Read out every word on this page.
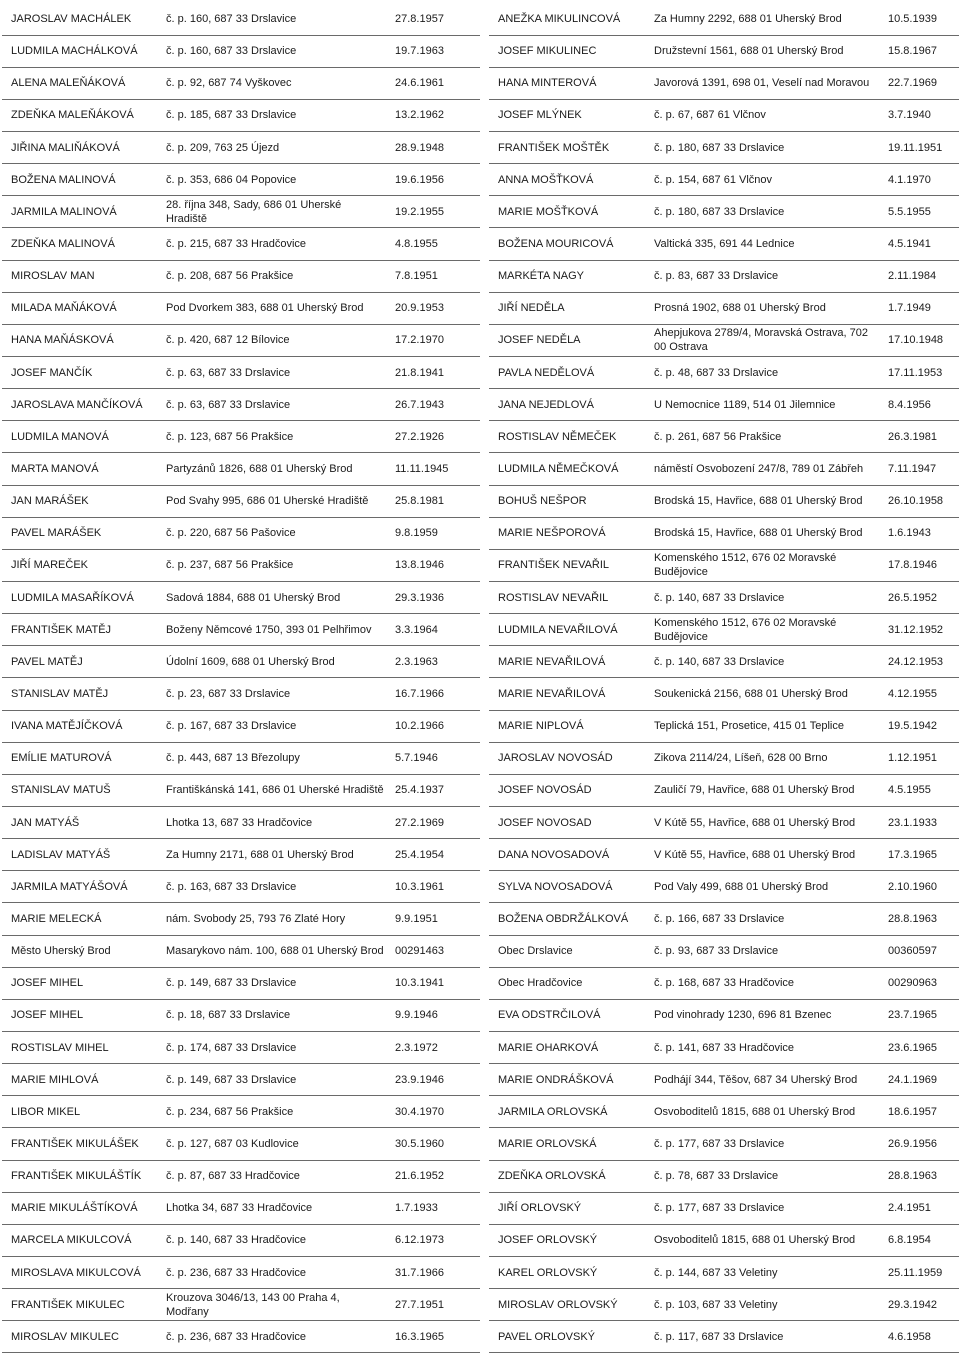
JAROSLAV MACHÁLEK	č. p. 160, 687 33 Drslavice	27.8.1957
LUDMILA MACHÁLKOVÁ	č. p. 160, 687 33 Drslavice	19.7.1963
ALENA MALEŇÁKOVÁ	č. p. 92, 687 74 Vyškovec	24.6.1961
ZDEŇKA MALEŇÁKOVÁ	č. p. 185, 687 33 Drslavice	13.2.1962
JIŘINA MALIŇÁKOVÁ	č. p. 209, 763 25 Újezd	28.9.1948
BOŽENA MALINOVÁ	č. p. 353, 686 04 Popovice	19.6.1956
JARMILA MALINOVÁ	28. října 348, Sady, 686 01 Uherské Hradiště	19.2.1955
ZDEŇKA MALINOVÁ	č. p. 215, 687 33 Hradčovice	4.8.1955
MIROSLAV MAN	č. p. 208, 687 56 Prakšice	7.8.1951
MILADA MAŇÁKOVÁ	Pod Dvorkem 383, 688 01 Uherský Brod	20.9.1953
HANA MAŇÁSKOVÁ	č. p. 420, 687 12 Bílovice	17.2.1970
JOSEF MANČÍK	č. p. 63, 687 33 Drslavice	21.8.1941
JAROSLAVA MANČÍKOVÁ	č. p. 63, 687 33 Drslavice	26.7.1943
LUDMILA MANOVÁ	č. p. 123, 687 56 Prakšice	27.2.1926
MARTA MANOVÁ	Partyzánů 1826, 688 01 Uherský Brod	11.11.1945
JAN MARÁŠEK	Pod Svahy 995, 686 01 Uherské Hradiště	25.8.1981
PAVEL MARÁŠEK	č. p. 220, 687 56 Pašovice	9.8.1959
JIŘÍ MAREČEK	č. p. 237, 687 56 Prakšice	13.8.1946
LUDMILA MASAŘÍKOVÁ	Sadová 1884, 688 01 Uherský Brod	29.3.1936
FRANTIŠEK MATĚJ	Boženy Němcové 1750, 393 01 Pelhřimov	3.3.1964
PAVEL MATĚJ	Údolní 1609, 688 01 Uherský Brod	2.3.1963
STANISLAV MATĚJ	č. p. 23, 687 33 Drslavice	16.7.1966
IVANA MATĚJÍČKOVÁ	č. p. 167, 687 33 Drslavice	10.2.1966
EMÍLIE MATUROVÁ	č. p. 443, 687 13 Březolupy	5.7.1946
STANISLAV MATUŠ	Františkánská 141, 686 01 Uherské Hradiště	25.4.1937
JAN MATYÁŠ	Lhotka 13, 687 33 Hradčovice	27.2.1969
LADISLAV MATYÁŠ	Za Humny 2171, 688 01 Uherský Brod	25.4.1954
JARMILA MATYÁŠOVÁ	č. p. 163, 687 33 Drslavice	10.3.1961
MARIE MELECKÁ	nám. Svobody 25, 793 76 Zlaté Hory	9.9.1951
Město Uherský Brod	Masarykovo nám. 100, 688 01 Uherský Brod	00291463
JOSEF MIHEL	č. p. 149, 687 33 Drslavice	10.3.1941
JOSEF MIHEL	č. p. 18, 687 33 Drslavice	9.9.1946
ROSTISLAV MIHEL	č. p. 174, 687 33 Drslavice	2.3.1972
MARIE MIHLOVÁ	č. p. 149, 687 33 Drslavice	23.9.1946
LIBOR MIKEL	č. p. 234, 687 56 Prakšice	30.4.1970
FRANTIŠEK MIKULÁŠEK	č. p. 127, 687 03 Kudlovice	30.5.1960
FRANTIŠEK MIKULÁŠTÍK	č. p. 87, 687 33 Hradčovice	21.6.1952
MARIE MIKULÁŠTÍKOVÁ	Lhotka 34, 687 33 Hradčovice	1.7.1933
MARCELA MIKULCOVÁ	č. p. 140, 687 33 Hradčovice	6.12.1973
MIROSLAVA MIKULCOVÁ	č. p. 236, 687 33 Hradčovice	31.7.1966
FRANTIŠEK MIKULEC	Krouzova 3046/13, 143 00 Praha 4, Modřany	27.7.1951
MIROSLAV MIKULEC	č. p. 236, 687 33 Hradčovice	16.3.1965
ANEŽKA MIKULINCOVÁ	Za Humny 2292, 688 01 Uherský Brod	10.5.1939
JOSEF MIKULINEC	Družstevní 1561, 688 01 Uherský Brod	15.8.1967
HANA MINTEROVÁ	Javorová 1391, 698 01, Veselí nad Moravou	22.7.1969
JOSEF MLÝNEK	č. p. 67, 687 61 Vlčnov	3.7.1940
FRANTIŠEK MOŠTĚK	č. p. 180, 687 33 Drslavice	19.11.1951
ANNA MOŠŤKOVÁ	č. p. 154, 687 61 Vlčnov	4.1.1970
MARIE MOŠŤKOVÁ	č. p. 180, 687 33 Drslavice	5.5.1955
BOŽENA MOURICOVÁ	Valtická 335, 691 44 Lednice	4.5.1941
MARKÉTA NAGY	č. p. 83, 687 33 Drslavice	2.11.1984
JIŘÍ NEDĚLA	Prosná 1902, 688 01 Uherský Brod	1.7.1949
JOSEF NEDĚLA	Ahepjukova 2789/4, Moravská Ostrava, 702 00 Ostrava	17.10.1948
PAVLA NEDĚLOVÁ	č. p. 48, 687 33 Drslavice	17.11.1953
JANA NEJEDLOVÁ	U Nemocnice 1189, 514 01 Jilemnice	8.4.1956
ROSTISLAV NĚMEČEK	č. p. 261, 687 56 Prakšice	26.3.1981
LUDMILA NĚMEČKOVÁ	náměstí Osvobození 247/8, 789 01 Zábřeh	7.11.1947
BOHUŠ NEŠPOR	Brodská 15, Havřice, 688 01 Uherský Brod	26.10.1958
MARIE NEŠPOROVÁ	Brodská 15, Havřice, 688 01 Uherský Brod	1.6.1943
FRANTIŠEK NEVAŘIL	Komenského 1512, 676 02 Moravské Budějovice	17.8.1946
ROSTISLAV NEVAŘIL	č. p. 140, 687 33 Drslavice	26.5.1952
LUDMILA NEVAŘILOVÁ	Komenského 1512, 676 02 Moravské Budějovice	31.12.1952
MARIE NEVAŘILOVÁ	č. p. 140, 687 33 Drslavice	24.12.1953
MARIE NEVAŘILOVÁ	Soukenická 2156, 688 01 Uherský Brod	4.12.1955
MARIE NIPLOVÁ	Teplická 151, Prosetice, 415 01 Teplice	19.5.1942
JAROSLAV NOVOSÁD	Zikova 2114/24, Líšeň, 628 00 Brno	1.12.1951
JOSEF NOVOSÁD	Zauličí 79, Havřice, 688 01 Uherský Brod	4.5.1955
JOSEF NOVOSAD	V Kútě 55, Havřice, 688 01 Uherský Brod	23.1.1933
DANA NOVOSADOVÁ	V Kútě 55, Havřice, 688 01 Uherský Brod	17.3.1965
SYLVA NOVOSADOVÁ	Pod Valy 499, 688 01 Uherský Brod	2.10.1960
BOŽENA OBDRŽÁLKOVÁ	č. p. 166, 687 33 Drslavice	28.8.1963
Obec Drslavice	č. p. 93, 687 33 Drslavice	00360597
Obec Hradčovice	č. p. 168, 687 33 Hradčovice	00290963
EVA ODSTRČILOVÁ	Pod vinohrady 1230, 696 81 Bzenec	23.7.1965
MARIE OHARKOVÁ	č. p. 141, 687 33 Hradčovice	23.6.1965
MARIE ONDRÁŠKOVÁ	Podhájí 344, Těšov, 687 34 Uherský Brod	24.1.1969
JARMILA ORLOVSKÁ	Osvoboditelů 1815, 688 01 Uherský Brod	18.6.1957
MARIE ORLOVSKÁ	č. p. 177, 687 33 Drslavice	26.9.1956
ZDEŇKA ORLOVSKÁ	č. p. 78, 687 33 Drslavice	28.8.1963
JIŘÍ ORLOVSKÝ	č. p. 177, 687 33 Drslavice	2.4.1951
JOSEF ORLOVSKÝ	Osvoboditelů 1815, 688 01 Uherský Brod	6.8.1954
KAREL ORLOVSKÝ	č. p. 144, 687 33 Veletiny	25.11.1959
MIROSLAV ORLOVSKÝ	č. p. 103, 687 33 Veletiny	29.3.1942
PAVEL ORLOVSKÝ	č. p. 117, 687 33 Drslavice	4.6.1958
